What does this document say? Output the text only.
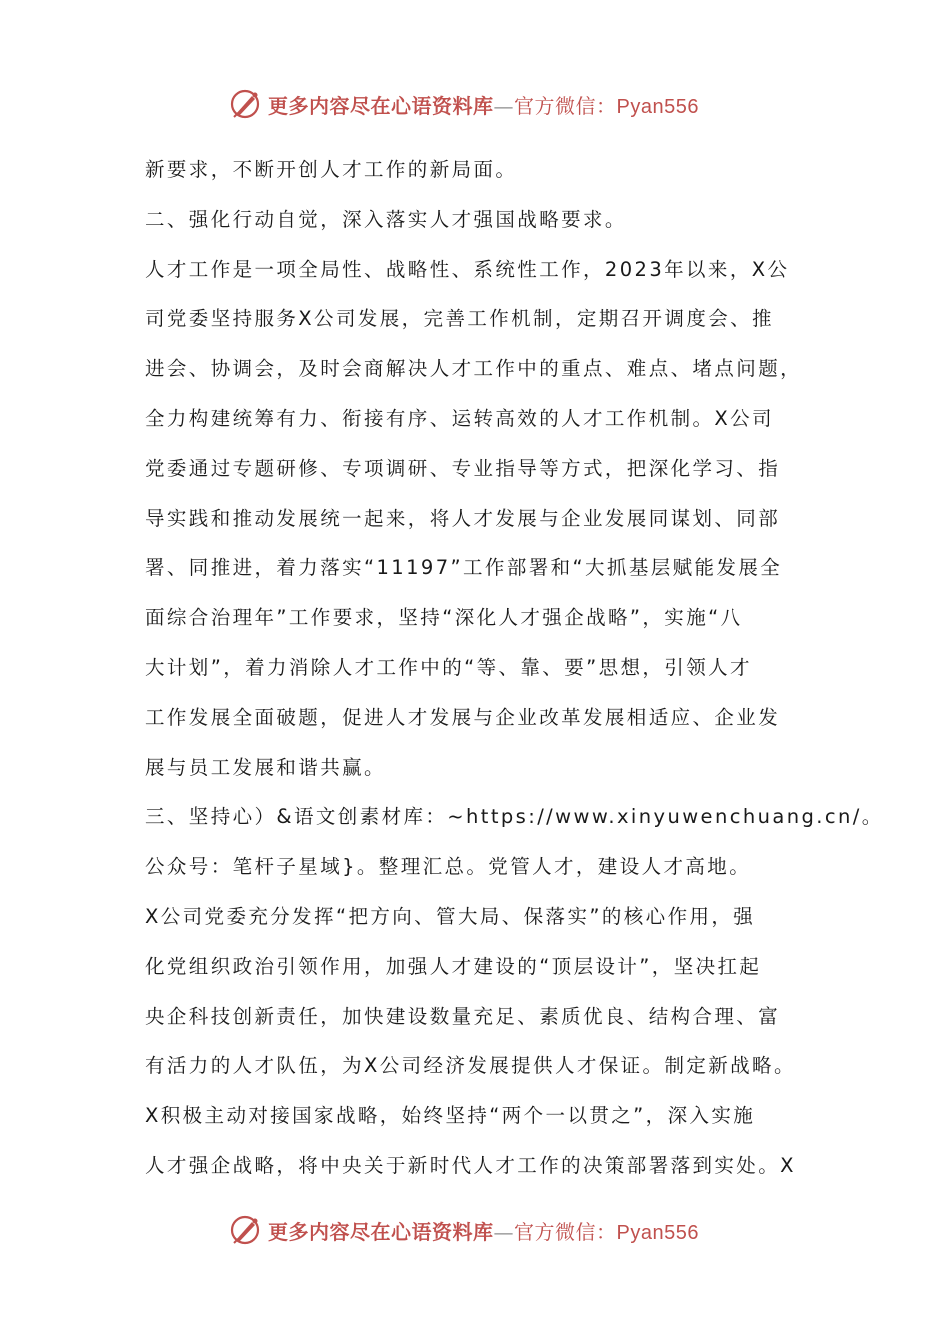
更多内容尽在心语资料库—官方微信：Pyan556
新要求，不断开创人才工作的新局面。
二、强化行动自觉，深入落实人才强国战略要求。
人才工作是一项全局性、战略性、系统性工作，2023年以来，X公
司党委坚持服务X公司发展，完善工作机制，定期召开调度会、推
进会、协调会，及时会商解决人才工作中的重点、难点、堵点问题，
全力构建统筹有力、衔接有序、运转高效的人才工作机制。X公司
党委通过专题研修、专项调研、专业指导等方式，把深化学习、指
导实践和推动发展统一起来，将人才发展与企业发展同谋划、同部
署、同推进，着力落实“11197”工作部署和“大抓基层赋能发展全
面综合治理年”工作要求，坚持“深化人才强企战略”，实施“八
大计划”，着力消除人才工作中的“等、靠、要”思想，引领人才
工作发展全面破题，促进人才发展与企业改革发展相适应、企业发
展与员工发展和谐共赢。
三、坚持心）&语文创素材库：~https://www.xinyuwenchuang.cn/。
公众号：笔杆子星域}。整理汇总。党管人才，建设人才高地。
X公司党委充分发挥“把方向、管大局、保落实”的核心作用，强
化党组织政治引领作用，加强人才建设的“顶层设计”，坚决扛起
央企科技创新责任，加快建设数量充足、素质优良、结构合理、富
有活力的人才队伍，为X公司经济发展提供人才保证。制定新战略。
X积极主动对接国家战略，始终坚持“两个一以贯之”，深入实施
人才强企战略，将中央关于新时代人才工作的决策部署落到实处。X
更多内容尽在心语资料库—官方微信：Pyan556
